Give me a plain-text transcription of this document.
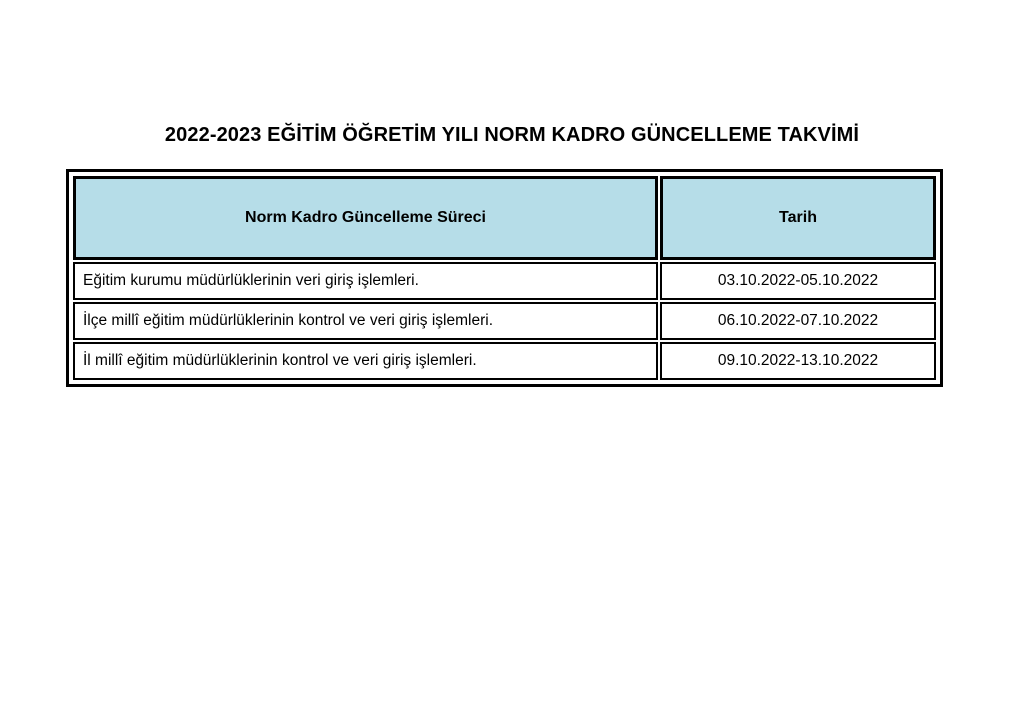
2022-2023 EĞİTİM ÖĞRETİM YILI NORM KADRO GÜNCELLEME TAKVİMİ
Norm Kadro Güncelleme Süreci	Tarih
Eğitim kurumu müdürlüklerinin veri giriş işlemleri.	03.10.2022-05.10.2022
İlçe millî eğitim müdürlüklerinin kontrol ve veri giriş işlemleri.	06.10.2022-07.10.2022
İl millî eğitim müdürlüklerinin kontrol ve veri giriş işlemleri.	09.10.2022-13.10.2022
